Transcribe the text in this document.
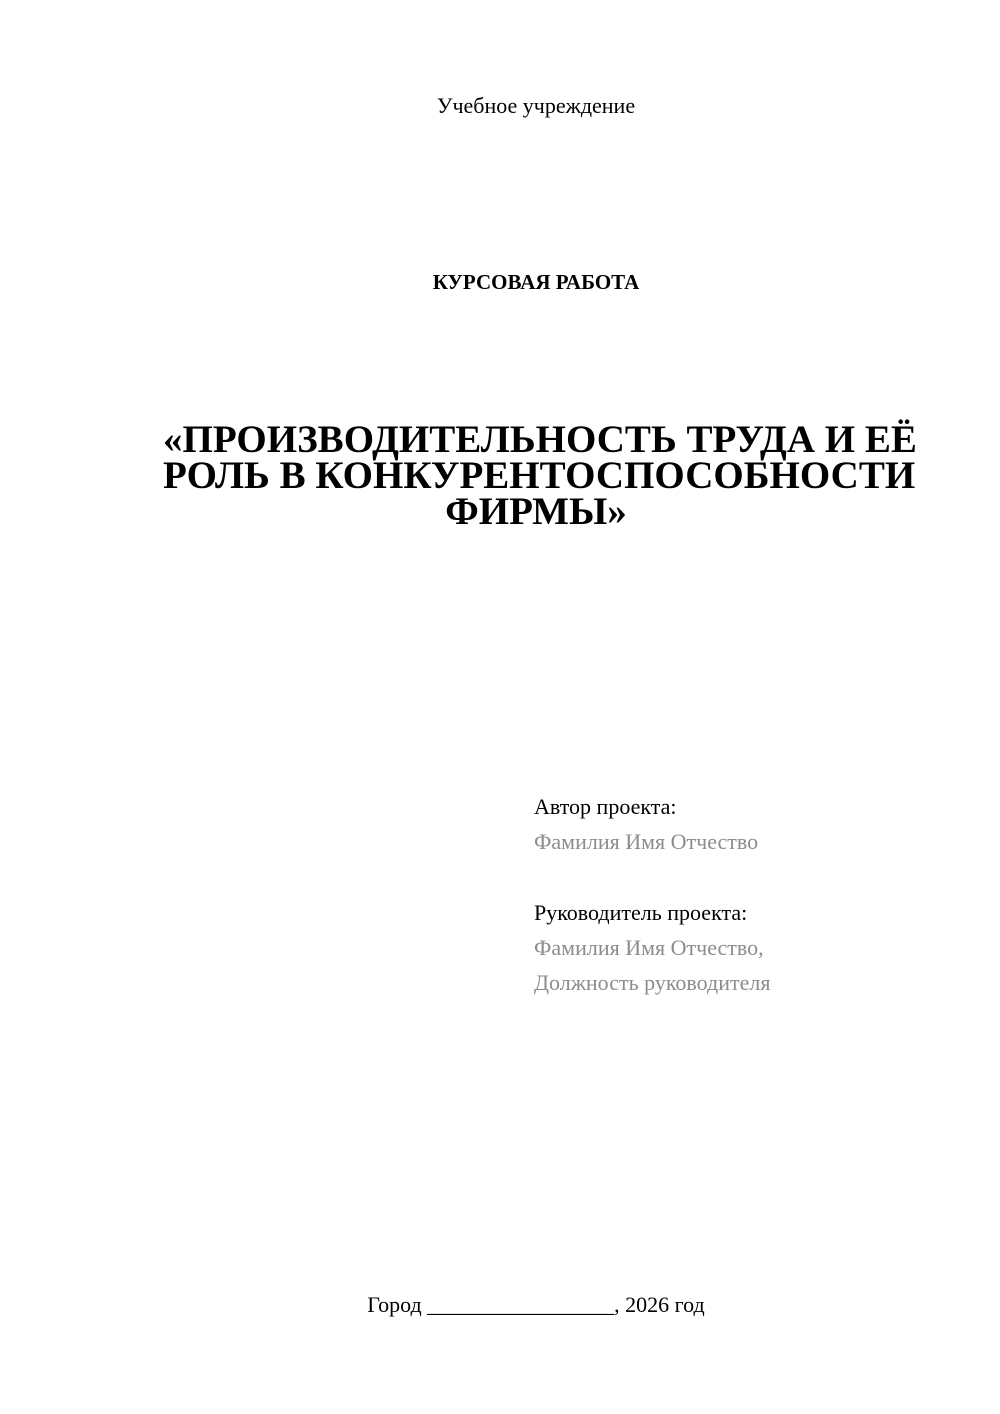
Учебное учреждение
КУРСОВАЯ РАБОТА
«ПРОИЗВОДИТЕЛЬНОСТЬ ТРУДА И ЕЁ
РОЛЬ В КОНКУРЕНТОСПОСОБНОСТИ
ФИРМЫ»
Автор проекта:
Фамилия Имя Отчество
Руководитель проекта:
Фамилия Имя Отчество,
Должность руководителя
Город _________________, 2026 год
